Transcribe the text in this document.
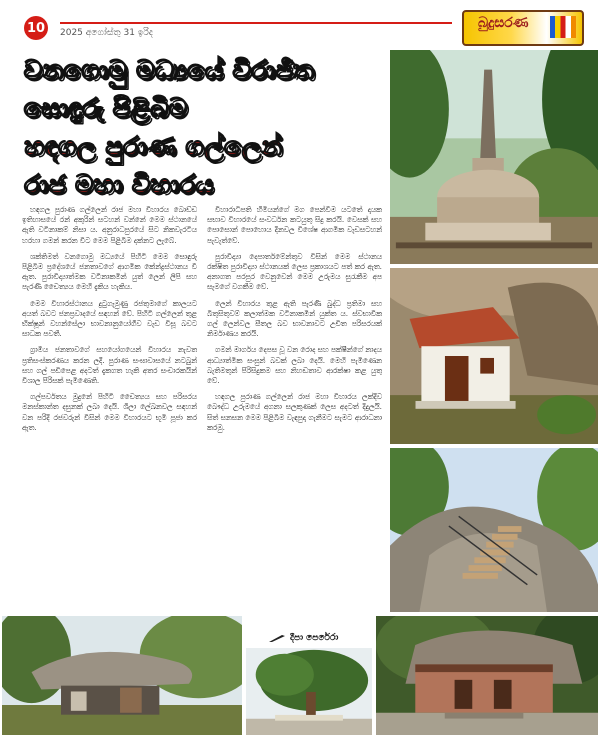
10	2025 අගෝස්තු 31 ඉරිද
බුදුසරණ
වනගොමු මධ්‍යයේ විරාජිත
සොඳුරු පිළිබිම
හඳගල පුරාණ ගල්ලෙන්
රාජ මහා විහාරය

හඳගල පුරාණ ගල්ලෙන් රාජ මහා විහාරය බොඩ්ඩ ඉතිහාසයේ රන් අකුරින් සටහන් වන්නේ මෙම ස්ථානයේ ඇති වටිනාකම් නිසා ය. අනුරාධපුරයේ සිට නිකවැරටිය හරහා ගමන් කරන විට මෙම පිළිබිම දක්නට ලැබේ.

ශක්තිමත් වනගොමු මධ්‍යයේ පිහිටි මෙම සොඳුරු පිළිබිම ප්‍රදේශයේ ජනතාවගේ ආගමික කේන්ද්‍රස්ථානය වී ඇත. පුරාවිද්‍යාත්මක වටිනාකමින් යුත් ලෙන් ලිපි සහ පැරණි චෛත්‍යය මෙහි දැකිය හැකිය.

මෙම විහාරස්ථානය දුටුගැමුණු රජතුමාගේ කාලයට අයත් බවට ජනප්‍රවාදයේ සඳහන් වේ. පිහිටි ගල්ලෙන් තුළ භික්ෂූන් වහන්සේලා භාවනානුයෝගීව වැඩ විසූ බවට සාධක පවතී.

ග්‍රාමීය ජනතාවගේ සහයෝගයෙන් විහාරය නැවත ප්‍රතිසංස්කරණය කරන ලදී. පුරාණ සංඝාවාසයේ නටබුන් සහ ගල් පඩිපෙළ අදටත් දැකගත හැකි අතර සංචාරකයින් විශාල පිරිසක් පැමිණෙති.

ගල්පර්වතය මුදුනේ පිහිටි චෛත්‍යය සහ පරිසරය මනස්කාන්ත දසුනක් ලබා දෙයි. ශිලා ලේඛනවල සඳහන් වන පරිදි රජවරුන් විසින් මෙම විහාරයට භූමි පූජා කර ඇත.

විහාරාධිපති හිමියන්ගේ මග පෙන්වීම යටතේ දායක සභාව විහාරයේ සංවර්ධන කටයුතු සිදු කරයි. වෙසක් සහ පොසොන් පොහොය දිනවල විශේෂ ආගමික වැඩසටහන් පැවැත්වේ.

පුරාවිද්‍යා දෙපාර්තමේන්තුව විසින් මෙම ස්ථානය රක්ෂිත පුරාවිද්‍යා ස්ථානයක් ලෙස ප්‍රකාශයට පත් කර ඇත. අනාගත පරපුර වෙනුවෙන් මෙම උරුමය සුරැකීම අප සැමගේ වගකීම වේ.

ලෙන් විහාරය තුළ ඇති පැරණි බුද්ධ ප්‍රතිමා සහ බිතුසිතුවම් කලාත්මක වටිනාකමින් යුක්ත ය. ස්වභාවික ගල් ලෙන්වල සීතල බව භාවනාවට උචිත පරිසරයක් නිර්මාණය කරයි.

ගමන් මාර්ගය දෙපස වූ වන රොද සහ පක්ෂීන්ගේ නාදය ආධ්‍යාත්මික සංසුන් බවක් ලබා දෙයි. මෙහි පැමිණෙන බැතිමතුන් පිරිසිදුකම සහ නිහඬතාව ආරක්ෂා කළ යුතු වේ.

හඳගල පුරාණ ගල්ලෙන් රාජ මහා විහාරය ලක්දිව බෞද්ධ උරුමයේ අගනා සලකුණක් ලෙස අදටත් දිදුලයි. සිත් සනසන මෙම පිළිබිම වැඳපුදා ගැනීමට සැමට ආරාධනා කරමු.

දීපා පෙරේරා
